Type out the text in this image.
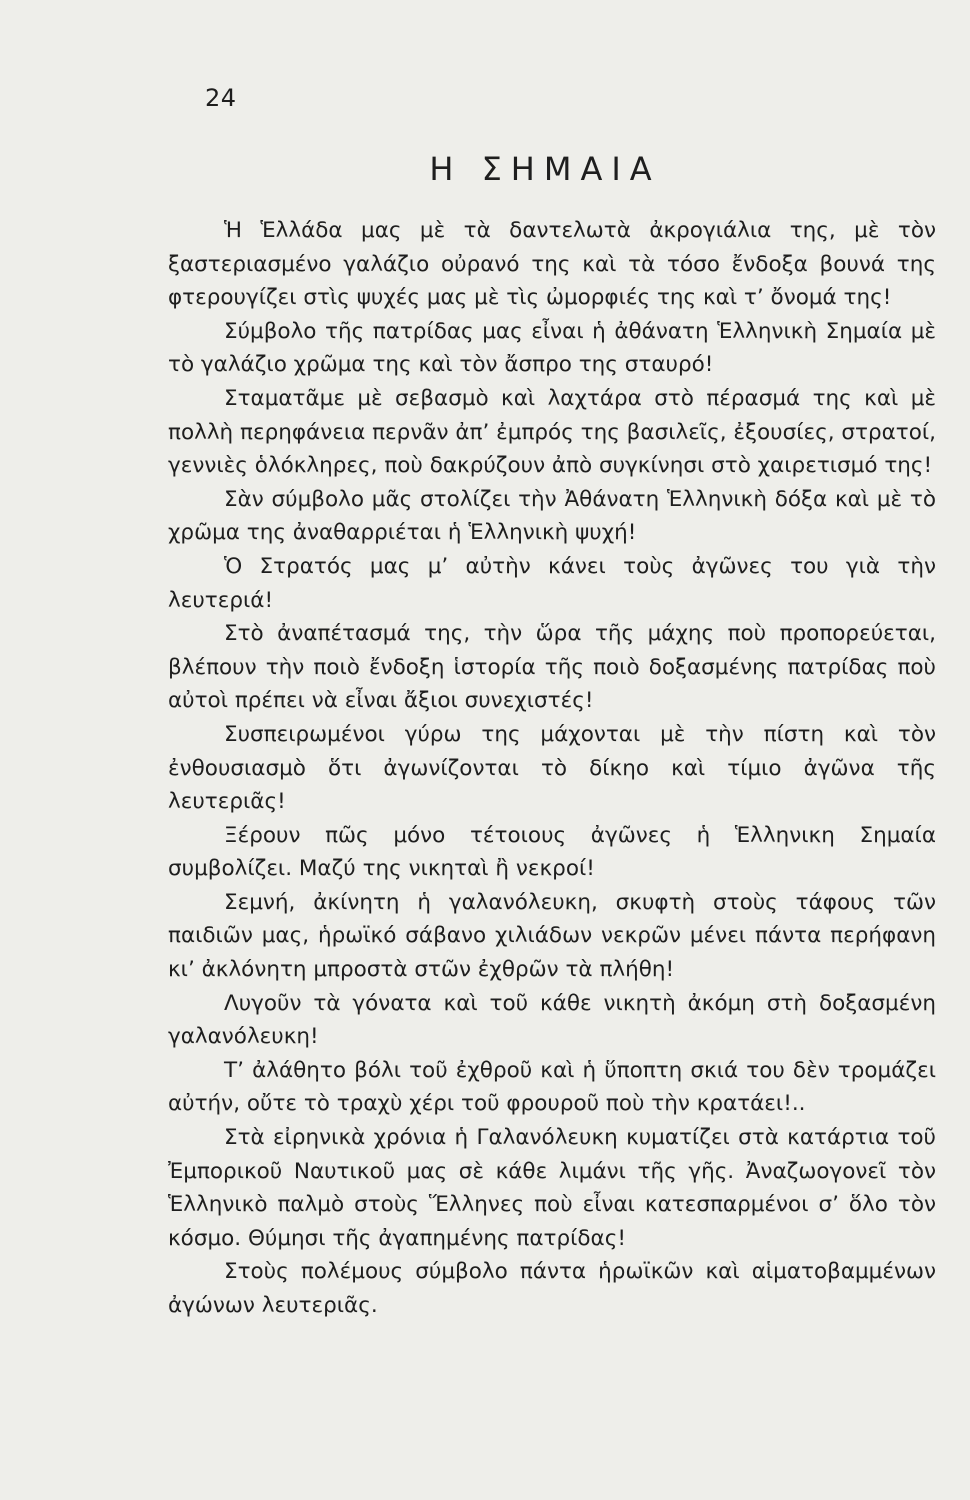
24
Η ΣΗΜΑΙΑ

Ἡ Ἑλλάδα μας μὲ τὰ δαντελωτὰ ἀκρογιάλια της, μὲ τὸν ξαστεριασμένο γαλάζιο οὐρανό της καὶ τὰ τόσο ἔνδοξα βουνά της φτερουγίζει στὶς ψυχές μας μὲ τὶς ὠμορφιές της καὶ τ’ ὄνομά της!

Σύμβολο τῆς πατρίδας μας εἶναι ἡ ἀθάνατη Ἑλληνικὴ Σημαία μὲ τὸ γαλάζιο χρῶμα της καὶ τὸν ἄσπρο της σταυρό!

Σταματᾶμε μὲ σεβασμὸ καὶ λαχτάρα στὸ πέρασμά της καὶ μὲ πολλὴ περηφάνεια περνᾶν ἀπ’ ἐμπρός της βασιλεῖς, ἐξουσίες, στρατοί, γεννιὲς ὁλόκληρες, ποὺ δακρύζουν ἀπὸ συγκίνησι στὸ χαιρετισμό της!

Σὰν σύμβολο μᾶς στολίζει τὴν Ἀθάνατη Ἑλληνικὴ δόξα καὶ μὲ τὸ χρῶμα της ἀναθαρριέται ἡ Ἑλληνικὴ ψυχή!

Ὁ Στρατός μας μ’ αὐτὴν κάνει τοὺς ἀγῶνες του γιὰ τὴν λευτεριά!

Στὸ ἀναπέτασμά της, τὴν ὥρα τῆς μάχης ποὺ προπορεύεται, βλέπουν τὴν ποιὸ ἔνδοξη ἱστορία τῆς ποιὸ δοξασμένης πατρίδας ποὺ αὐτοὶ πρέπει νὰ εἶναι ἄξιοι συνεχιστές!

Συσπειρωμένοι γύρω της μάχονται μὲ τὴν πίστη καὶ τὸν ἐνθουσιασμὸ ὅτι ἀγωνίζονται τὸ δίκηο καὶ τίμιο ἀγῶνα τῆς λευτεριᾶς!

Ξέρουν πῶς μόνο τέτοιους ἀγῶνες ἡ Ἑλληνικη Σημαία συμβολίζει. Μαζύ της νικηταὶ ἢ νεκροί!

Σεμνή, ἀκίνητη ἡ γαλανόλευκη, σκυφτὴ στοὺς τάφους τῶν παιδιῶν μας, ἡρωϊκό σάβανο χιλιάδων νεκρῶν μένει πάντα περήφανη κι’ ἀκλόνητη μπροστὰ στῶν ἐχθρῶν τὰ πλήθη!

Λυγοῦν τὰ γόνατα καὶ τοῦ κάθε νικητὴ ἀκόμη στὴ δοξασμένη γαλανόλευκη!

Τ’ ἀλάθητο βόλι τοῦ ἐχθροῦ καὶ ἡ ὕποπτη σκιά του δὲν τρομάζει αὐτήν, οὔτε τὸ τραχὺ χέρι τοῦ φρουροῦ ποὺ τὴν κρατάει!..

Στὰ εἰρηνικὰ χρόνια ἡ Γαλανόλευκη κυματίζει στὰ κατάρτια τοῦ Ἐμπορικοῦ Ναυτικοῦ μας σὲ κάθε λιμάνι τῆς γῆς. Ἀναζωογονεῖ τὸν Ἑλληνικὸ παλμὸ στοὺς Ἕλληνες ποὺ εἶναι κατεσπαρμένοι σ’ ὅλο τὸν κόσμο. Θύμησι τῆς ἀγαπημένης πατρίδας!

Στοὺς πολέμους σύμβολο πάντα ἡρωϊκῶν καὶ αἱματοβαμμένων ἀγώνων λευτεριᾶς.
